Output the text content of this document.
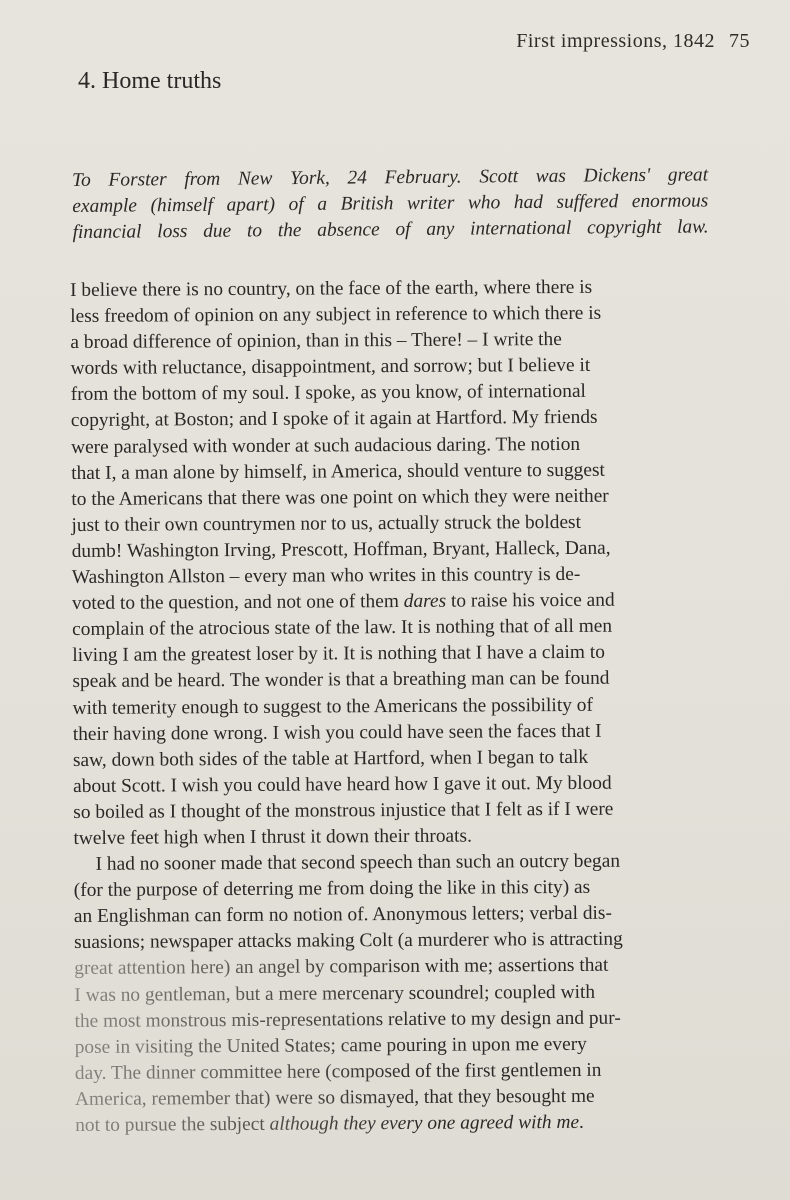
First impressions, 1842 75
4. Home truths
To Forster from New York, 24 February. Scott was Dickens' great
example (himself apart) of a British writer who had suffered enormous
financial loss due to the absence of any international copyright law.

I believe there is no country, on the face of the earth, where there is
less freedom of opinion on any subject in reference to which there is
a broad difference of opinion, than in this – There! – I write the
words with reluctance, disappointment, and sorrow; but I believe it
from the bottom of my soul. I spoke, as you know, of international
copyright, at Boston; and I spoke of it again at Hartford. My friends
were paralysed with wonder at such audacious daring. The notion
that I, a man alone by himself, in America, should venture to suggest
to the Americans that there was one point on which they were neither
just to their own countrymen nor to us, actually struck the boldest
dumb! Washington Irving, Prescott, Hoffman, Bryant, Halleck, Dana,
Washington Allston – every man who writes in this country is de-
voted to the question, and not one of them dares to raise his voice and
complain of the atrocious state of the law. It is nothing that of all men
living I am the greatest loser by it. It is nothing that I have a claim to
speak and be heard. The wonder is that a breathing man can be found
with temerity enough to suggest to the Americans the possibility of
their having done wrong. I wish you could have seen the faces that I
saw, down both sides of the table at Hartford, when I began to talk
about Scott. I wish you could have heard how I gave it out. My blood
so boiled as I thought of the monstrous injustice that I felt as if I were
twelve feet high when I thrust it down their throats.

I had no sooner made that second speech than such an outcry began
(for the purpose of deterring me from doing the like in this city) as
an Englishman can form no notion of. Anonymous letters; verbal dis-
suasions; newspaper attacks making Colt (a murderer who is attracting
great attention here) an angel by comparison with me; assertions that
I was no gentleman, but a mere mercenary scoundrel; coupled with
the most monstrous mis-representations relative to my design and pur-
pose in visiting the United States; came pouring in upon me every
day. The dinner committee here (composed of the first gentlemen in
America, remember that) were so dismayed, that they besought me
not to pursue the subject although they every one agreed with me.
